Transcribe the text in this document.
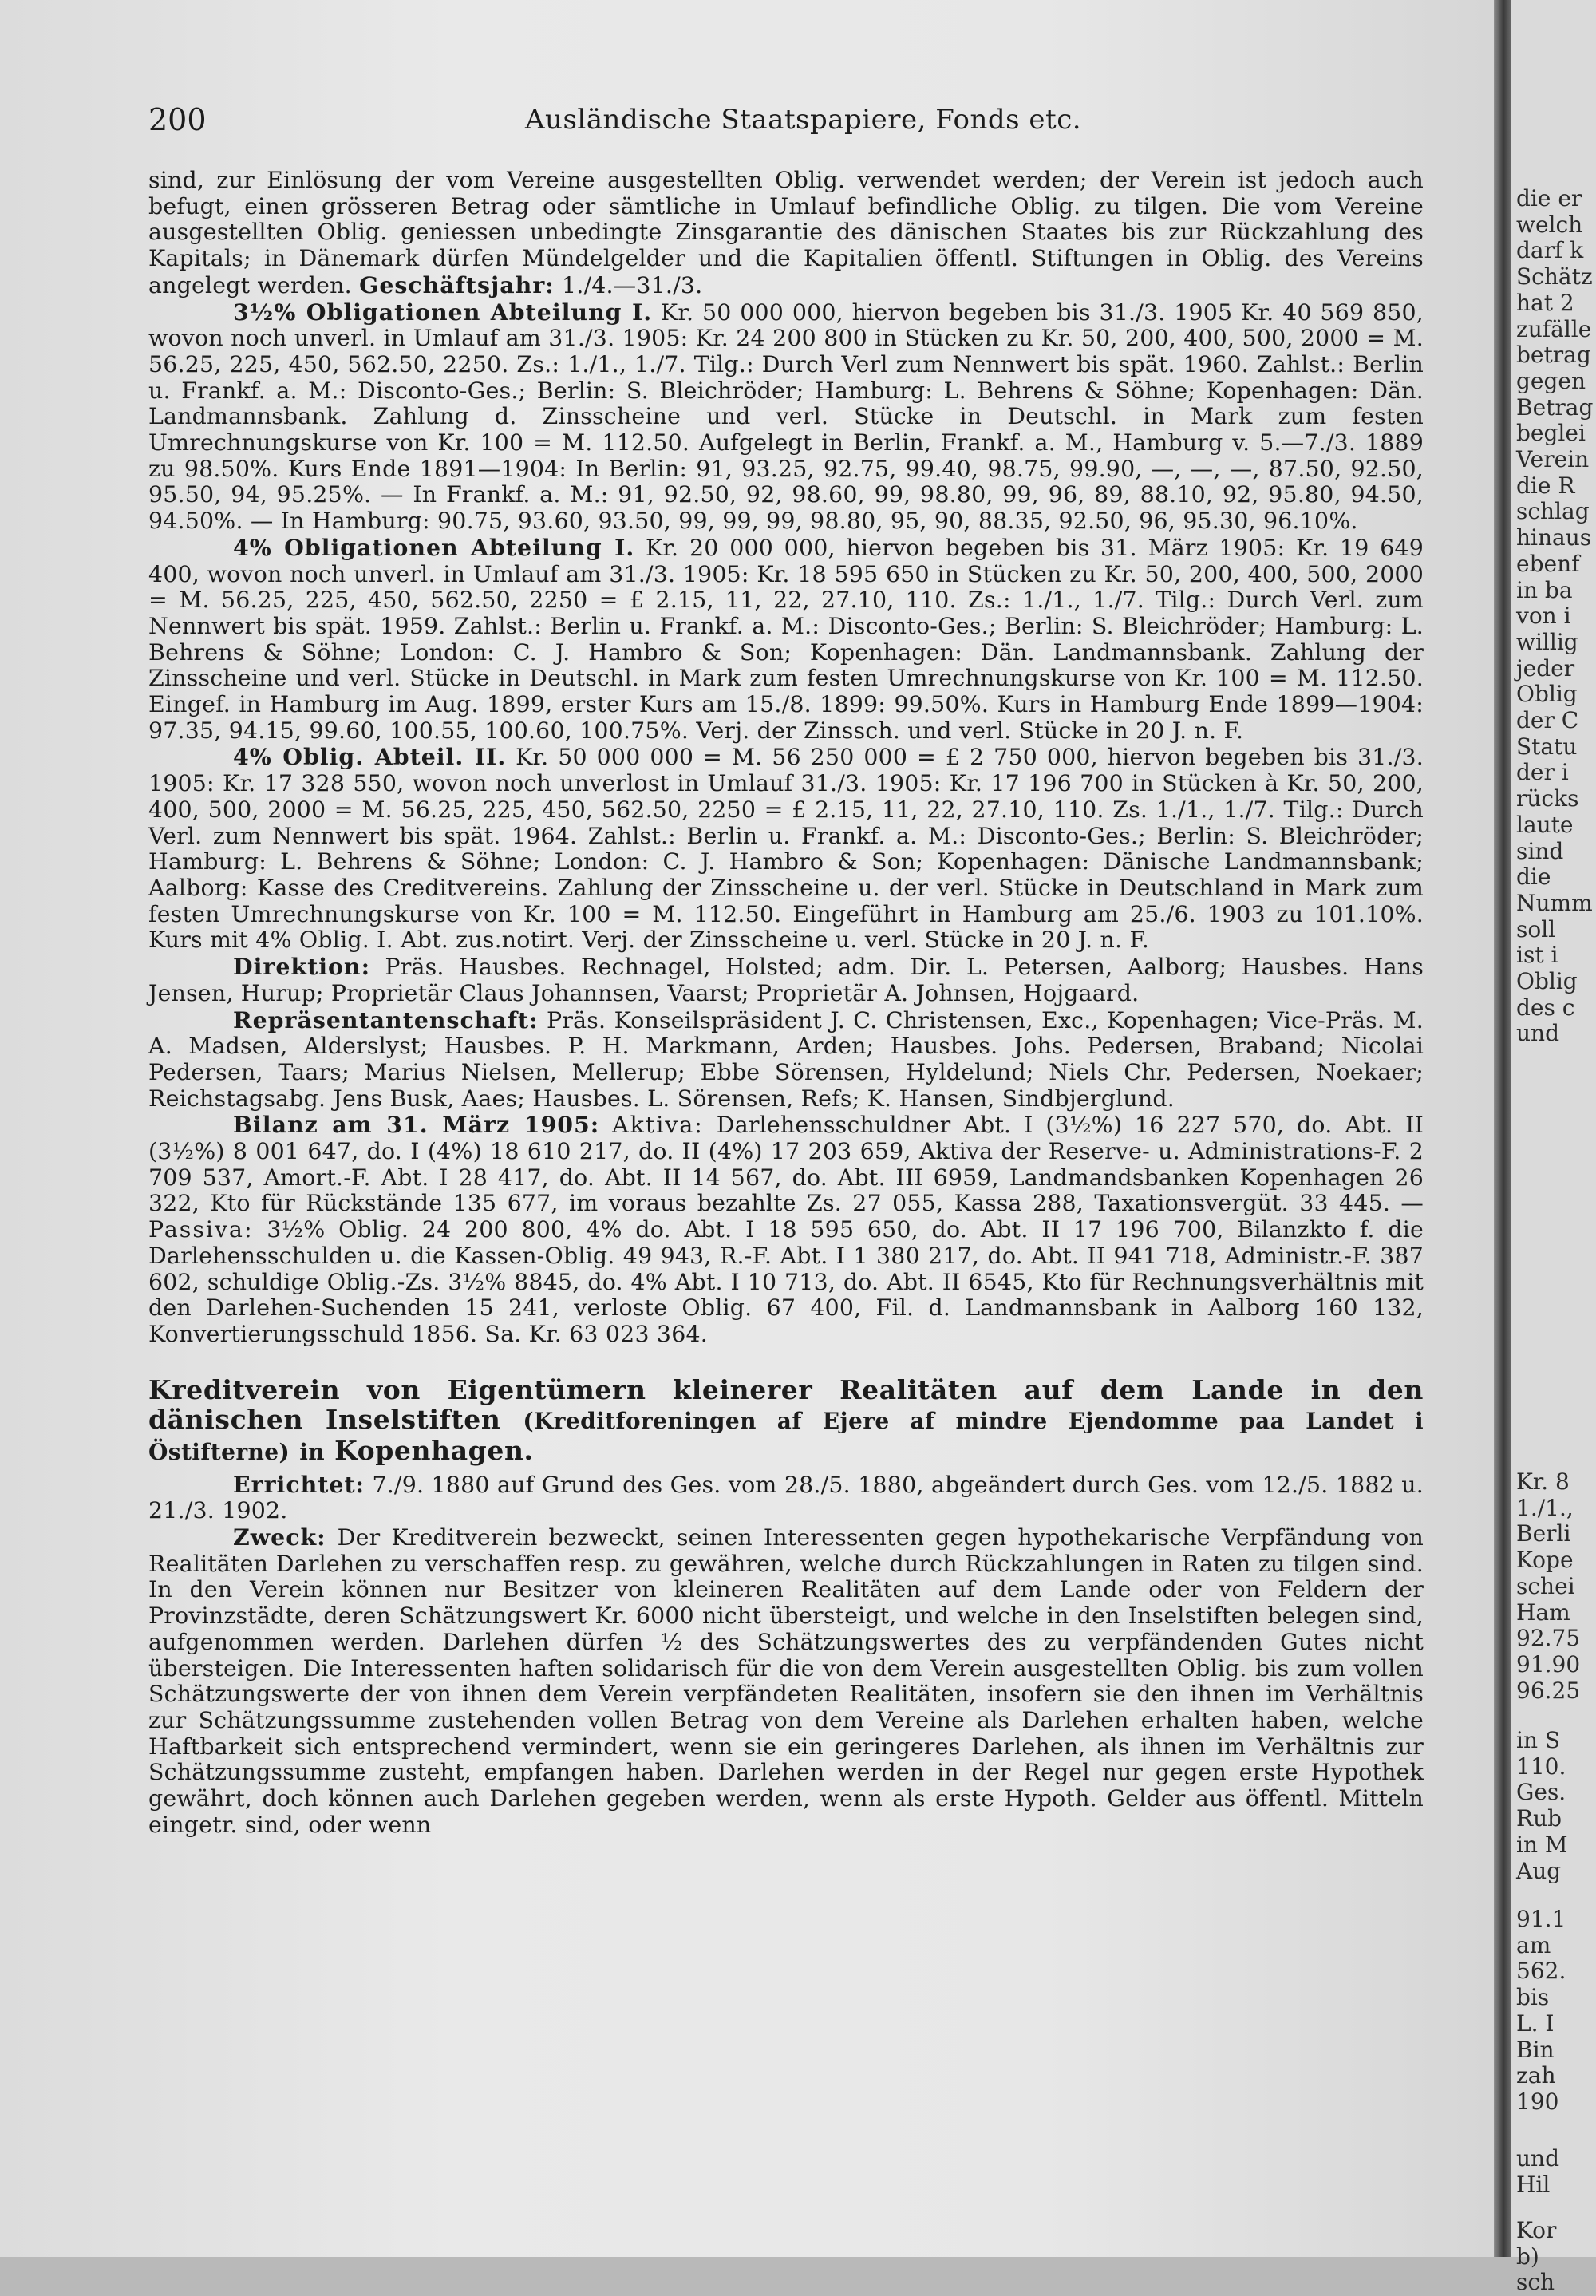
200	Ausländische Staatspapiere, Fonds etc.

sind, zur Einlösung der vom Vereine ausgestellten Oblig. verwendet werden; der Verein ist jedoch auch befugt, einen grösseren Betrag oder sämtliche in Umlauf befindliche Oblig. zu tilgen. Die vom Vereine ausgestellten Oblig. geniessen unbedingte Zinsgarantie des dänischen Staates bis zur Rückzahlung des Kapitals; in Dänemark dürfen Mündelgelder und die Kapitalien öffentl. Stiftungen in Oblig. des Vereins angelegt werden. Geschäftsjahr: 1./4.—31./3.

3½% Obligationen Abteilung I. Kr. 50 000 000, hiervon begeben bis 31./3. 1905 Kr. 40 569 850, wovon noch unverl. in Umlauf am 31./3. 1905: Kr. 24 200 800 in Stücken zu Kr. 50, 200, 400, 500, 2000 = M. 56.25, 225, 450, 562.50, 2250. Zs.: 1./1., 1./7. Tilg.: Durch Verl zum Nennwert bis spät. 1960. Zahlst.: Berlin u. Frankf. a. M.: Disconto-Ges.; Berlin: S. Bleichröder; Hamburg: L. Behrens & Söhne; Kopenhagen: Dän. Landmannsbank. Zahlung d. Zinsscheine und verl. Stücke in Deutschl. in Mark zum festen Umrechnungskurse von Kr. 100 = M. 112.50. Aufgelegt in Berlin, Frankf. a. M., Hamburg v. 5.—7./3. 1889 zu 98.50%. Kurs Ende 1891—1904: In Berlin: 91, 93.25, 92.75, 99.40, 98.75, 99.90, —, —, —, 87.50, 92.50, 95.50, 94, 95.25%. — In Frankf. a. M.: 91, 92.50, 92, 98.60, 99, 98.80, 99, 96, 89, 88.10, 92, 95.80, 94.50, 94.50%. — In Hamburg: 90.75, 93.60, 93.50, 99, 99, 99, 98.80, 95, 90, 88.35, 92.50, 96, 95.30, 96.10%.

4% Obligationen Abteilung I. Kr. 20 000 000, hiervon begeben bis 31. März 1905: Kr. 19 649 400, wovon noch unverl. in Umlauf am 31./3. 1905: Kr. 18 595 650 in Stücken zu Kr. 50, 200, 400, 500, 2000 = M. 56.25, 225, 450, 562.50, 2250 = £ 2.15, 11, 22, 27.10, 110. Zs.: 1./1., 1./7. Tilg.: Durch Verl. zum Nennwert bis spät. 1959. Zahlst.: Berlin u. Frankf. a. M.: Disconto-Ges.; Berlin: S. Bleichröder; Hamburg: L. Behrens & Söhne; London: C. J. Hambro & Son; Kopenhagen: Dän. Landmannsbank. Zahlung der Zinsscheine und verl. Stücke in Deutschl. in Mark zum festen Umrechnungskurse von Kr. 100 = M. 112.50. Eingef. in Hamburg im Aug. 1899, erster Kurs am 15./8. 1899: 99.50%. Kurs in Hamburg Ende 1899—1904: 97.35, 94.15, 99.60, 100.55, 100.60, 100.75%. Verj. der Zinssch. und verl. Stücke in 20 J. n. F.

4% Oblig. Abteil. II. Kr. 50 000 000 = M. 56 250 000 = £ 2 750 000, hiervon begeben bis 31./3. 1905: Kr. 17 328 550, wovon noch unverlost in Umlauf 31./3. 1905: Kr. 17 196 700 in Stücken à Kr. 50, 200, 400, 500, 2000 = M. 56.25, 225, 450, 562.50, 2250 = £ 2.15, 11, 22, 27.10, 110. Zs. 1./1., 1./7. Tilg.: Durch Verl. zum Nennwert bis spät. 1964. Zahlst.: Berlin u. Frankf. a. M.: Disconto-Ges.; Berlin: S. Bleichröder; Hamburg: L. Behrens & Söhne; London: C. J. Hambro & Son; Kopenhagen: Dänische Landmannsbank; Aalborg: Kasse des Creditvereins. Zahlung der Zinsscheine u. der verl. Stücke in Deutschland in Mark zum festen Umrechnungskurse von Kr. 100 = M. 112.50. Eingeführt in Hamburg am 25./6. 1903 zu 101.10%. Kurs mit 4% Oblig. I. Abt. zus.notirt. Verj. der Zinsscheine u. verl. Stücke in 20 J. n. F.

Direktion: Präs. Hausbes. Rechnagel, Holsted; adm. Dir. L. Petersen, Aalborg; Hausbes. Hans Jensen, Hurup; Proprietär Claus Johannsen, Vaarst; Proprietär A. Johnsen, Hojgaard.

Repräsentantenschaft: Präs. Konseilspräsident J. C. Christensen, Exc., Kopenhagen; Vice-Präs. M. A. Madsen, Alderslyst; Hausbes. P. H. Markmann, Arden; Hausbes. Johs. Pedersen, Braband; Nicolai Pedersen, Taars; Marius Nielsen, Mellerup; Ebbe Sörensen, Hyldelund; Niels Chr. Pedersen, Noekaer; Reichstagsabg. Jens Busk, Aaes; Hausbes. L. Sörensen, Refs; K. Hansen, Sindbjerglund.

Bilanz am 31. März 1905: Aktiva: Darlehensschuldner Abt. I (3½%) 16 227 570, do. Abt. II (3½%) 8 001 647, do. I (4%) 18 610 217, do. II (4%) 17 203 659, Aktiva der Reserve- u. Administrations-F. 2 709 537, Amort.-F. Abt. I 28 417, do. Abt. II 14 567, do. Abt. III 6959, Landmandsbanken Kopenhagen 26 322, Kto für Rückstände 135 677, im voraus bezahlte Zs. 27 055, Kassa 288, Taxationsvergüt. 33 445. — Passiva: 3½% Oblig. 24 200 800, 4% do. Abt. I 18 595 650, do. Abt. II 17 196 700, Bilanzkto f. die Darlehensschulden u. die Kassen-Oblig. 49 943, R.-F. Abt. I 1 380 217, do. Abt. II 941 718, Administr.-F. 387 602, schuldige Oblig.-Zs. 3½% 8845, do. 4% Abt. I 10 713, do. Abt. II 6545, Kto für Rechnungsverhältnis mit den Darlehen-Suchenden 15 241, verloste Oblig. 67 400, Fil. d. Landmannsbank in Aalborg 160 132, Konvertierungsschuld 1856. Sa. Kr. 63 023 364.

Kreditverein von Eigentümern kleinerer Realitäten auf dem Lande in den dänischen Inselstiften (Kreditforeningen af Ejere af mindre Ejendomme paa Landet i Östifterne) in Kopenhagen.

Errichtet: 7./9. 1880 auf Grund des Ges. vom 28./5. 1880, abgeändert durch Ges. vom 12./5. 1882 u. 21./3. 1902.

Zweck: Der Kreditverein bezweckt, seinen Interessenten gegen hypothekarische Verpfändung von Realitäten Darlehen zu verschaffen resp. zu gewähren, welche durch Rückzahlungen in Raten zu tilgen sind. In den Verein können nur Besitzer von kleineren Realitäten auf dem Lande oder von Feldern der Provinzstädte, deren Schätzungswert Kr. 6000 nicht übersteigt, und welche in den Inselstiften belegen sind, aufgenommen werden. Darlehen dürfen ½ des Schätzungswertes des zu verpfändenden Gutes nicht übersteigen. Die Interessenten haften solidarisch für die von dem Verein ausgestellten Oblig. bis zum vollen Schätzungswerte der von ihnen dem Verein verpfändeten Realitäten, insofern sie den ihnen im Verhältnis zur Schätzungssumme zustehenden vollen Betrag von dem Vereine als Darlehen erhalten haben, welche Haftbarkeit sich entsprechend vermindert, wenn sie ein geringeres Darlehen, als ihnen im Verhältnis zur Schätzungssumme zusteht, empfangen haben. Darlehen werden in der Regel nur gegen erste Hypothek gewährt, doch können auch Darlehen gegeben werden, wenn als erste Hypoth. Gelder aus öffentl. Mitteln eingetr. sind, oder wenn

die er
welch
darf k
Schätz
hat 2
zufälle
betrag
gegen
Betrag
beglei
Verein
die R
schlag
hinaus
ebenf
in ba
von i
willig
jeder
Oblig
der C
Statu
der i
rücks
laute
sind
die
Numm
soll
ist i
Oblig
des c
und
Kr. 8
1./1.,
Berli
Kope
schei
Ham
92.75
91.90
96.25
in S
110.
Ges.
Rub
in M
Aug
91.1
am
562.
bis
L. I
Bin
zah
190
und
Hil
Kor
b)
sch
